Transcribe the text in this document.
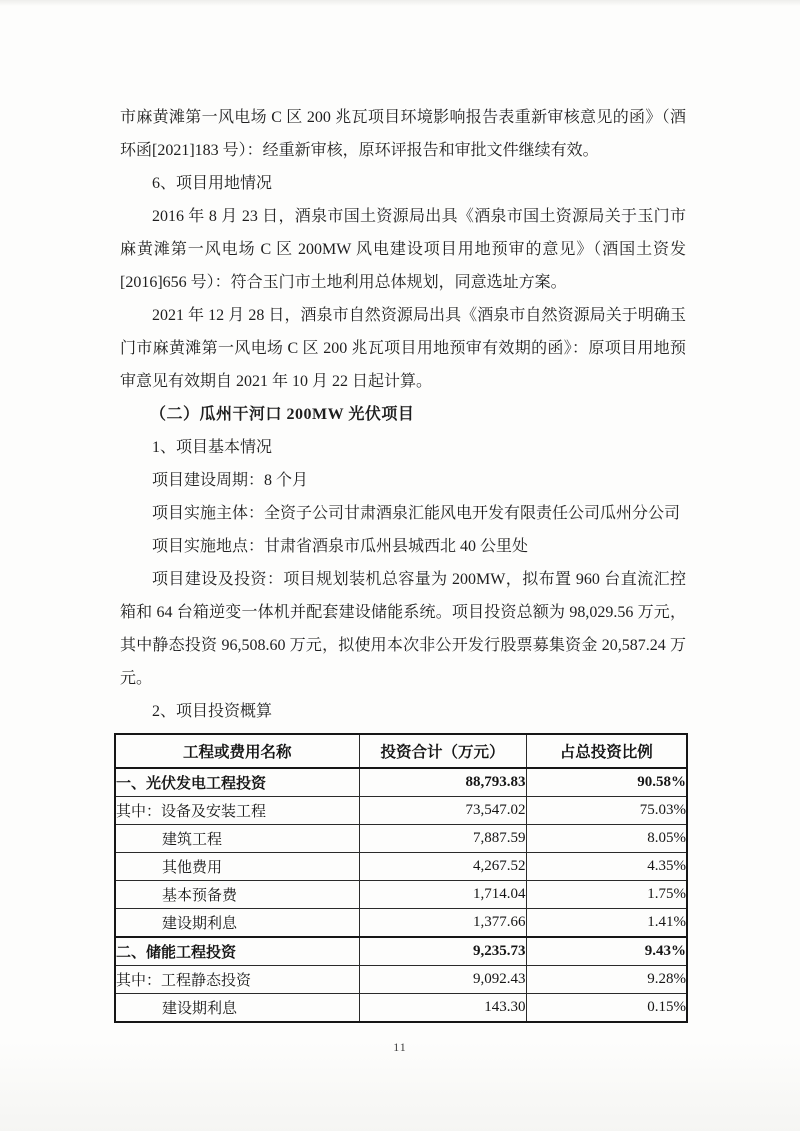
市麻黄滩第一风电场 C 区 200 兆瓦项目环境影响报告表重新审核意见的函》（酒环函[2021]183 号）：经重新审核，原环评报告和审批文件继续有效。

6、项目用地情况

2016 年 8 月 23 日，酒泉市国土资源局出具《酒泉市国土资源局关于玉门市麻黄滩第一风电场 C 区 200MW 风电建设项目用地预审的意见》（酒国土资发[2016]656 号）：符合玉门市土地利用总体规划，同意选址方案。

2021 年 12 月 28 日，酒泉市自然资源局出具《酒泉市自然资源局关于明确玉门市麻黄滩第一风电场 C 区 200 兆瓦项目用地预审有效期的函》：原项目用地预审意见有效期自 2021 年 10 月 22 日起计算。

（二）瓜州干河口 200MW 光伏项目

1、项目基本情况

项目建设周期：8 个月

项目实施主体：全资子公司甘肃酒泉汇能风电开发有限责任公司瓜州分公司

项目实施地点：甘肃省酒泉市瓜州县城西北 40 公里处

项目建设及投资：项目规划装机总容量为 200MW，拟布置 960 台直流汇控箱和 64 台箱逆变一体机并配套建设储能系统。项目投资总额为 98,029.56 万元，其中静态投资 96,508.60 万元，拟使用本次非公开发行股票募集资金 20,587.24 万元。

2、项目投资概算

工程或费用名称	投资合计（万元）	占总投资比例
一、光伏发电工程投资	88,793.83	90.58%
其中：设备及安装工程	73,547.02	75.03%
建筑工程	7,887.59	8.05%
其他费用	4,267.52	4.35%
基本预备费	1,714.04	1.75%
建设期利息	1,377.66	1.41%
二、储能工程投资	9,235.73	9.43%
其中：工程静态投资	9,092.43	9.28%
建设期利息	143.30	0.15%
11
